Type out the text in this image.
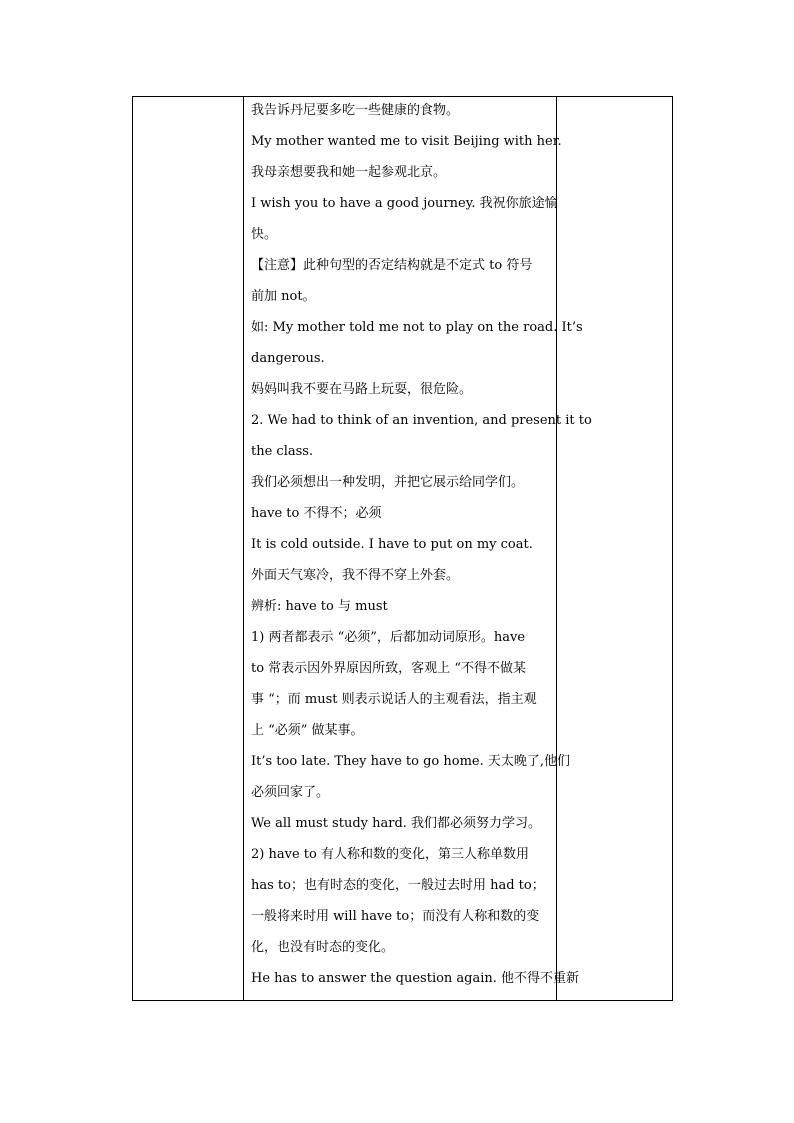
我告诉丹尼要多吃一些健康的食物。
My mother wanted me to visit Beijing with her.
我母亲想要我和她一起参观北京。
I wish you to have a good journey. 我祝你旅途愉
快。
【注意】此种句型的否定结构就是不定式 to 符号
前加 not。
如: My mother told me not to play on the road. It’s
dangerous.
妈妈叫我不要在马路上玩耍，很危险。
2. We had to think of an invention, and present it to
the class.
我们必须想出一种发明，并把它展示给同学们。
have to 不得不；必须
It is cold outside. I have to put on my coat.
外面天气寒冷，我不得不穿上外套。
辨析: have to 与 must
1) 两者都表示 “必须”，后都加动词原形。have
to 常表示因外界原因所致，客观上 “不得不做某
事 “；而 must 则表示说话人的主观看法，指主观
上 “必须” 做某事。
It’s too late. They have to go home. 天太晚了,他们
必须回家了。
We all must study hard. 我们都必须努力学习。
2) have to 有人称和数的变化，第三人称单数用
has to；也有时态的变化，一般过去时用 had to；
一般将来时用 will have to；而没有人称和数的变
化，也没有时态的变化。
He has to answer the question again. 他不得不重新
